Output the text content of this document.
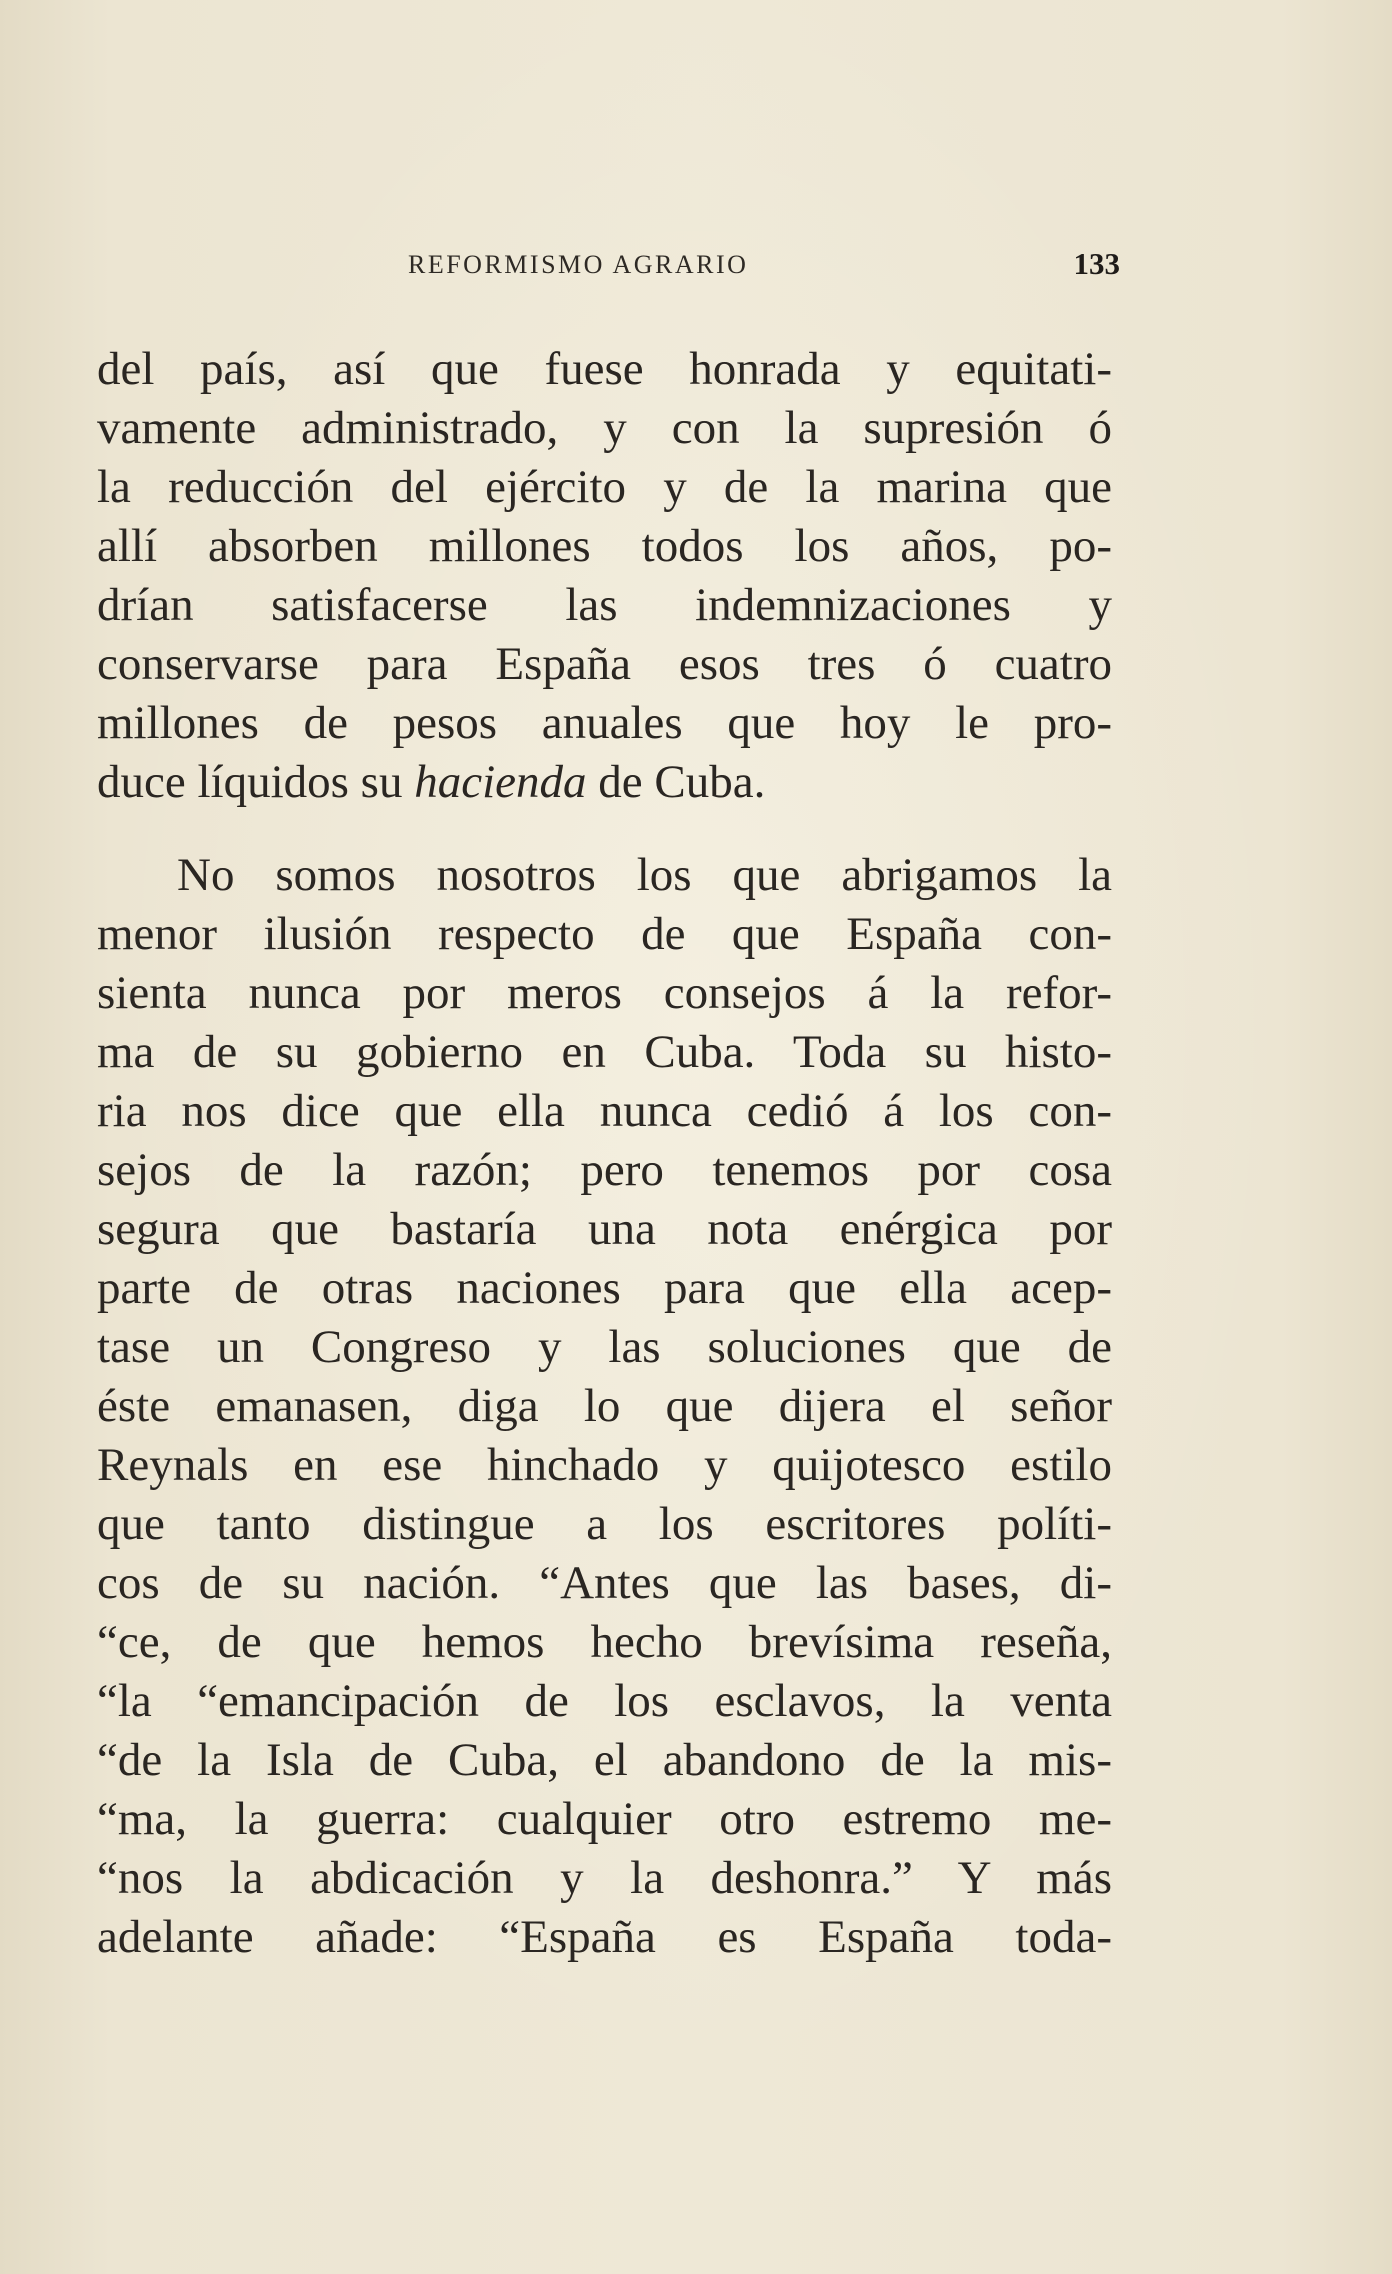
REFORMISMO AGRARIO	133
del país, así que fuese honrada y equitati-
vamente administrado, y con la supresión ó
la reducción del ejército y de la marina que
allí absorben millones todos los años, po-
drían satisfacerse las indemnizaciones y
conservarse para España esos tres ó cuatro
millones de pesos anuales que hoy le pro-
duce líquidos su hacienda de Cuba.
No somos nosotros los que abrigamos la
menor ilusión respecto de que España con-
sienta nunca por meros consejos á la refor-
ma de su gobierno en Cuba. Toda su histo-
ria nos dice que ella nunca cedió á los con-
sejos de la razón; pero tenemos por cosa
segura que bastaría una nota enérgica por
parte de otras naciones para que ella acep-
tase un Congreso y las soluciones que de
éste emanasen, diga lo que dijera el señor
Reynals en ese hinchado y quijotesco estilo
que tanto distingue a los escritores políti-
cos de su nación. “Antes que las bases, di-
“ce, de que hemos hecho brevísima reseña,
“la “emancipación de los esclavos, la venta
“de la Isla de Cuba, el abandono de la mis-
“ma, la guerra: cualquier otro estremo me-
“nos la abdicación y la deshonra.” Y más
adelante añade: “España es España toda-
